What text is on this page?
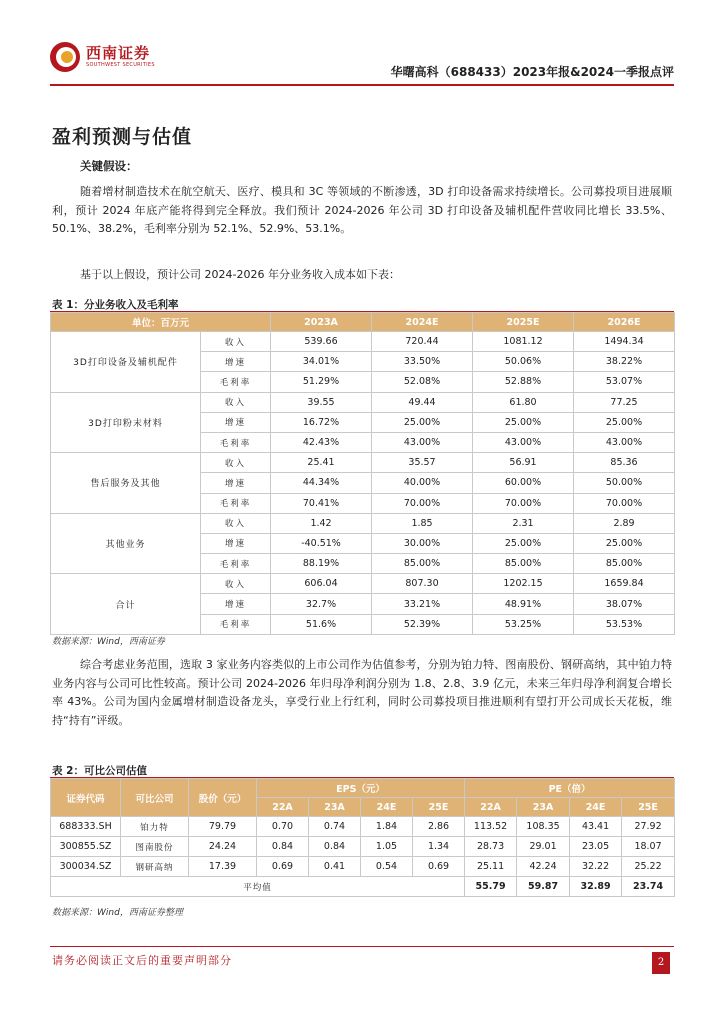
西南证券
SOUTHWEST SECURITIES	华曙高科（688433）2023年报&2024一季报点评
盈利预测与估值
关键假设：

随着增材制造技术在航空航天、医疗、模具和 3C 等领域的不断渗透，3D 打印设备需求持续增长。公司募投项目进展顺利，预计 2024 年底产能将得到完全释放。我们预计 2024-2026 年公司 3D 打印设备及辅机配件营收同比增长 33.5%、50.1%、38.2%，毛利率分别为 52.1%、52.9%、53.1%。

基于以上假设，预计公司 2024-2026 年分业务收入成本如下表：

表 1：分业务收入及毛利率
单位：百万元		2023A	2024E	2025E	2026E
3D打印设备及辅机配件	收入	539.66	720.44	1081.12	1494.34
	增速	34.01%	33.50%	50.06%	38.22%
	毛利率	51.29%	52.08%	52.88%	53.07%
3D打印粉末材料	收入	39.55	49.44	61.80	77.25
	增速	16.72%	25.00%	25.00%	25.00%
	毛利率	42.43%	43.00%	43.00%	43.00%
售后服务及其他	收入	25.41	35.57	56.91	85.36
	增速	44.34%	40.00%	60.00%	50.00%
	毛利率	70.41%	70.00%	70.00%	70.00%
其他业务	收入	1.42	1.85	2.31	2.89
	增速	-40.51%	30.00%	25.00%	25.00%
	毛利率	88.19%	85.00%	85.00%	85.00%
合计	收入	606.04	807.30	1202.15	1659.84
	增速	32.7%	33.21%	48.91%	38.07%
	毛利率	51.6%	52.39%	53.25%	53.53%
数据来源：Wind，西南证券

综合考虑业务范围，选取 3 家业务内容类似的上市公司作为估值参考，分别为铂力特、图南股份、钢研高纳，其中铂力特业务内容与公司可比性较高。预计公司 2024-2026 年归母净利润分别为 1.8、2.8、3.9 亿元，未来三年归母净利润复合增长率 43%。公司为国内金属增材制造设备龙头，享受行业上行红利，同时公司募投项目推进顺利有望打开公司成长天花板，维持“持有”评级。

表 2：可比公司估值
证券代码	可比公司	股价（元）	EPS（元）				PE（倍）			
			22A	23A	24E	25E	22A	23A	24E	25E
688333.SH	铂力特	79.79	0.70	0.74	1.84	2.86	113.52	108.35	43.41	27.92
300855.SZ	图南股份	24.24	0.84	0.84	1.05	1.34	28.73	29.01	23.05	18.07
300034.SZ	钢研高纳	17.39	0.69	0.41	0.54	0.69	25.11	42.24	32.22	25.22
平均值							55.79	59.87	32.89	23.74
数据来源：Wind，西南证券整理
请务必阅读正文后的重要声明部分	2
